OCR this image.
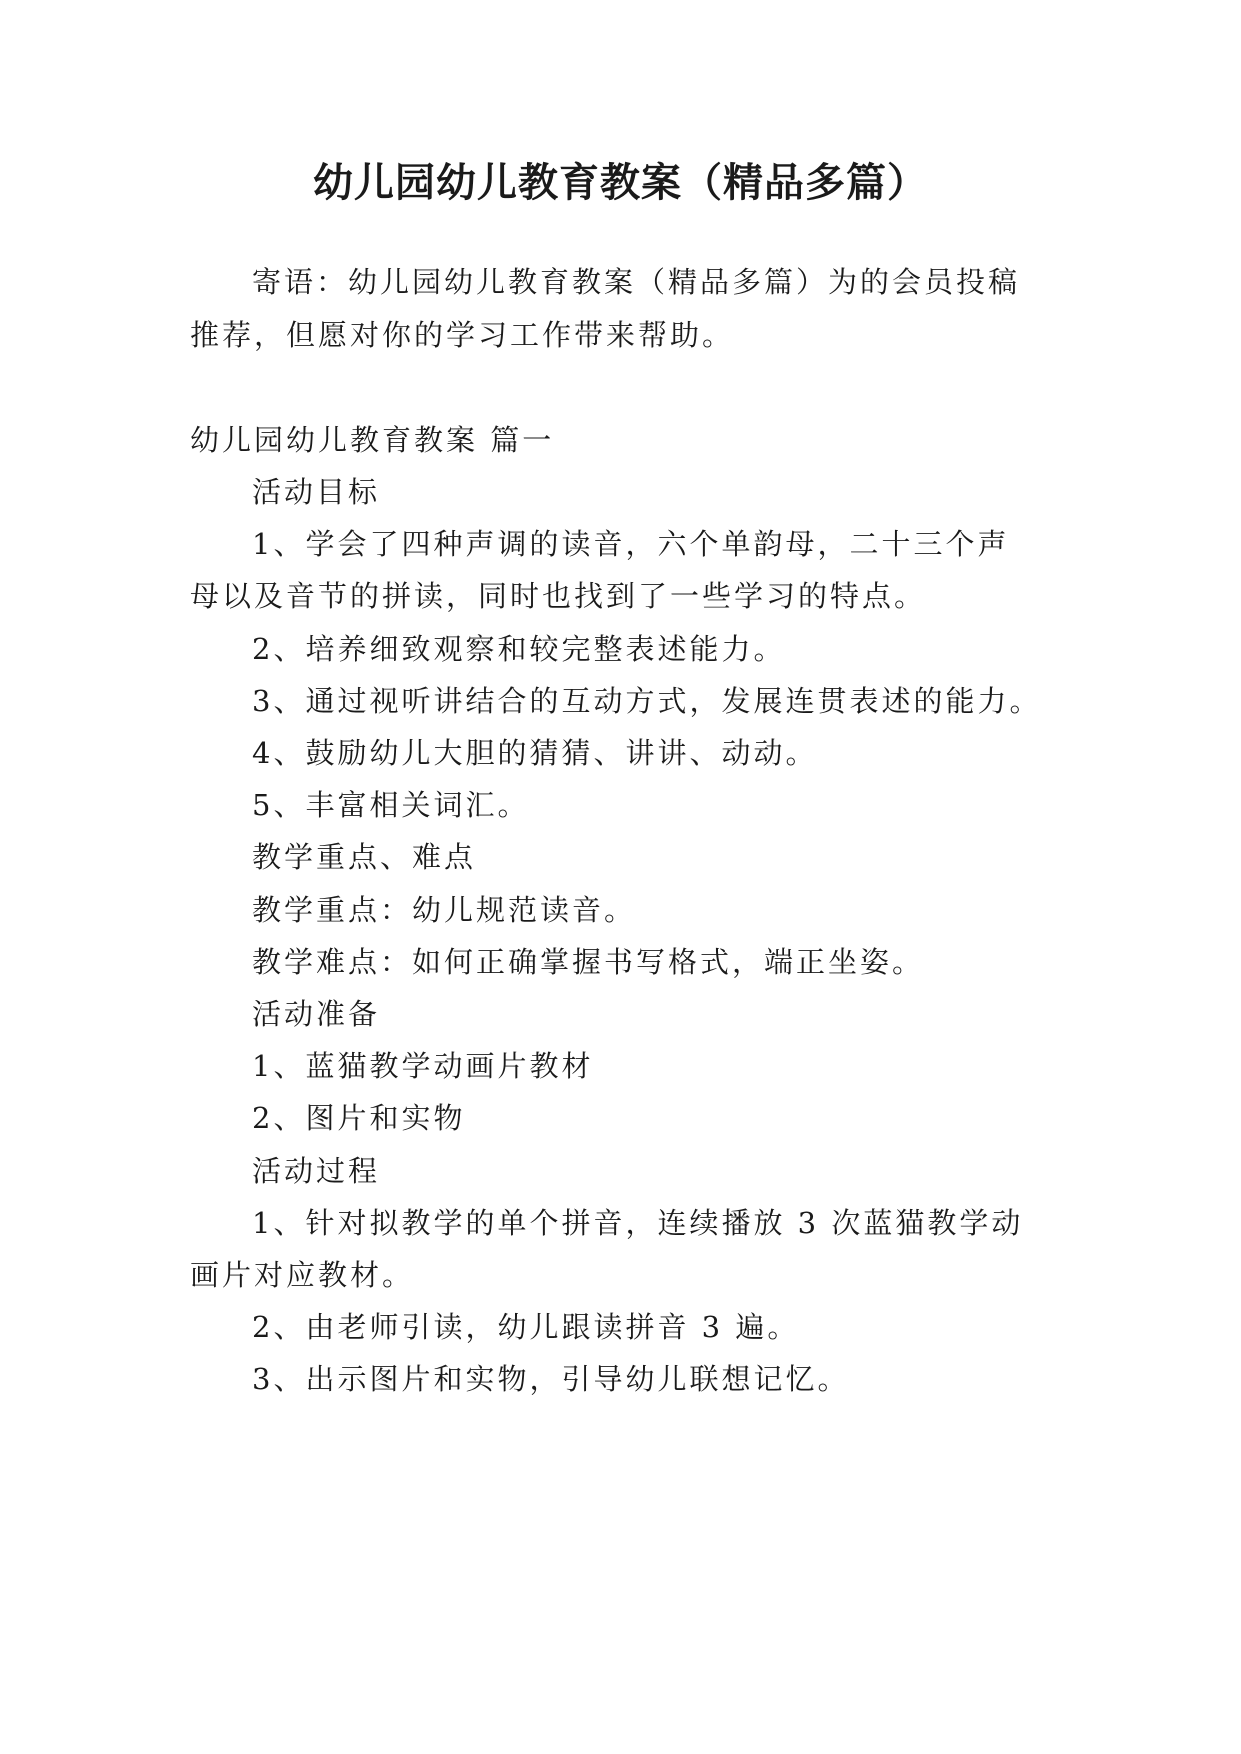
幼儿园幼儿教育教案（精品多篇）
寄语：幼儿园幼儿教育教案（精品多篇）为的会员投稿
推荐，但愿对你的学习工作带来帮助。
幼儿园幼儿教育教案 篇一
活动目标
1、学会了四种声调的读音，六个单韵母，二十三个声
母以及音节的拼读，同时也找到了一些学习的特点。
2、培养细致观察和较完整表述能力。
3、通过视听讲结合的互动方式，发展连贯表述的能力。
4、鼓励幼儿大胆的猜猜、讲讲、动动。
5、丰富相关词汇。
教学重点、难点
教学重点：幼儿规范读音。
教学难点：如何正确掌握书写格式，端正坐姿。
活动准备
1、蓝猫教学动画片教材
2、图片和实物
活动过程
1、针对拟教学的单个拼音，连续播放 3 次蓝猫教学动
画片对应教材。
2、由老师引读，幼儿跟读拼音 3 遍。
3、出示图片和实物，引导幼儿联想记忆。
